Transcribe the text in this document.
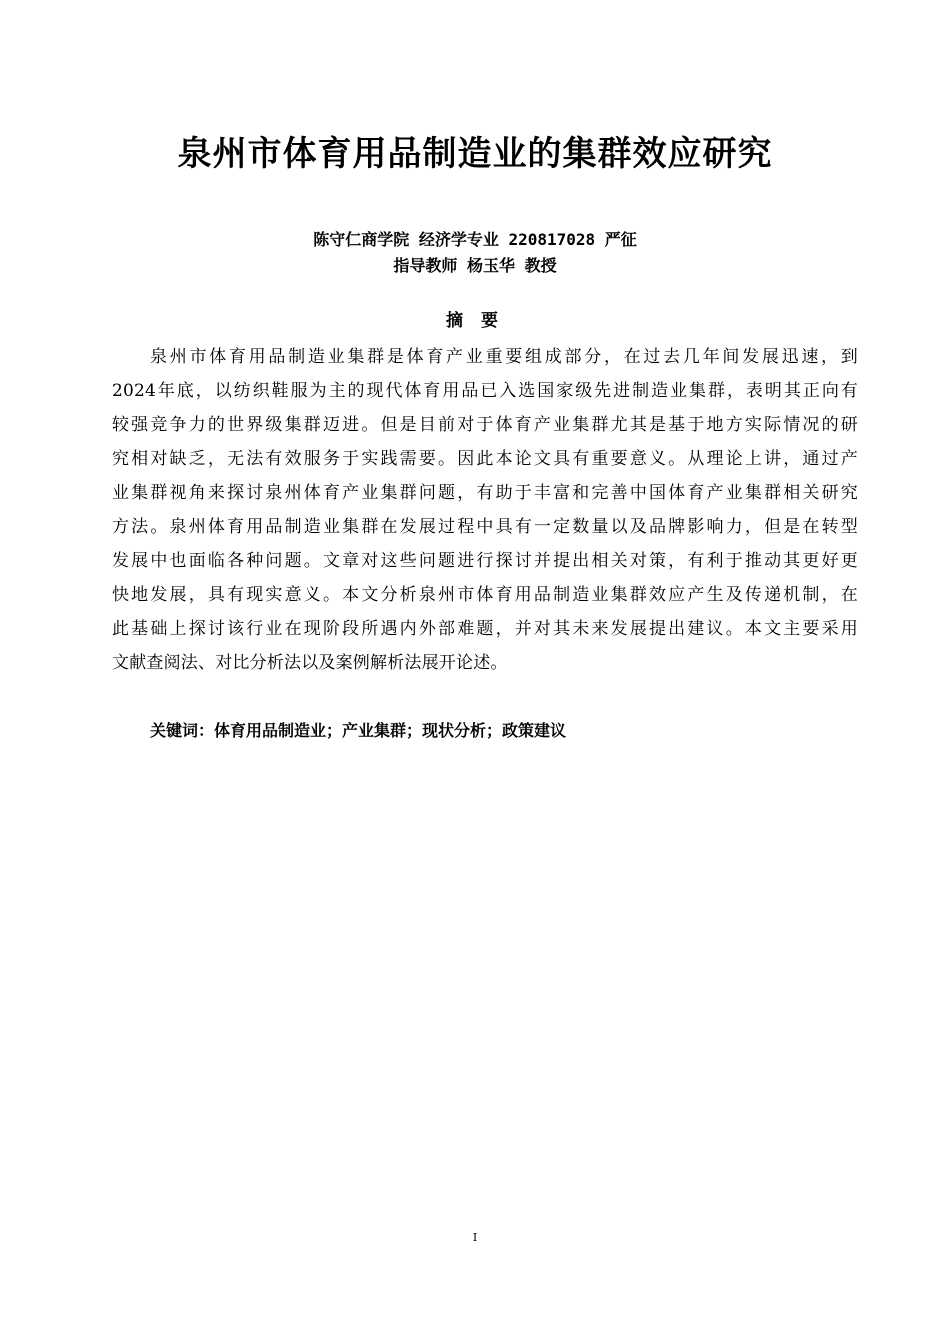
泉州市体育用品制造业的集群效应研究
陈守仁商学院 经济学专业 220817028 严征
指导教师 杨玉华 教授
摘 要
泉州市体育用品制造业集群是体育产业重要组成部分，在过去几年间发展迅速，到
2024年底，以纺织鞋服为主的现代体育用品已入选国家级先进制造业集群，表明其正向有
较强竞争力的世界级集群迈进。但是目前对于体育产业集群尤其是基于地方实际情况的研
究相对缺乏，无法有效服务于实践需要。因此本论文具有重要意义。从理论上讲，通过产
业集群视角来探讨泉州体育产业集群问题，有助于丰富和完善中国体育产业集群相关研究
方法。泉州体育用品制造业集群在发展过程中具有一定数量以及品牌影响力，但是在转型
发展中也面临各种问题。文章对这些问题进行探讨并提出相关对策，有利于推动其更好更
快地发展，具有现实意义。本文分析泉州市体育用品制造业集群效应产生及传递机制，在
此基础上探讨该行业在现阶段所遇内外部难题，并对其未来发展提出建议。本文主要采用
文献查阅法、对比分析法以及案例解析法展开论述。
关键词：体育用品制造业；产业集群；现状分析；政策建议
I
